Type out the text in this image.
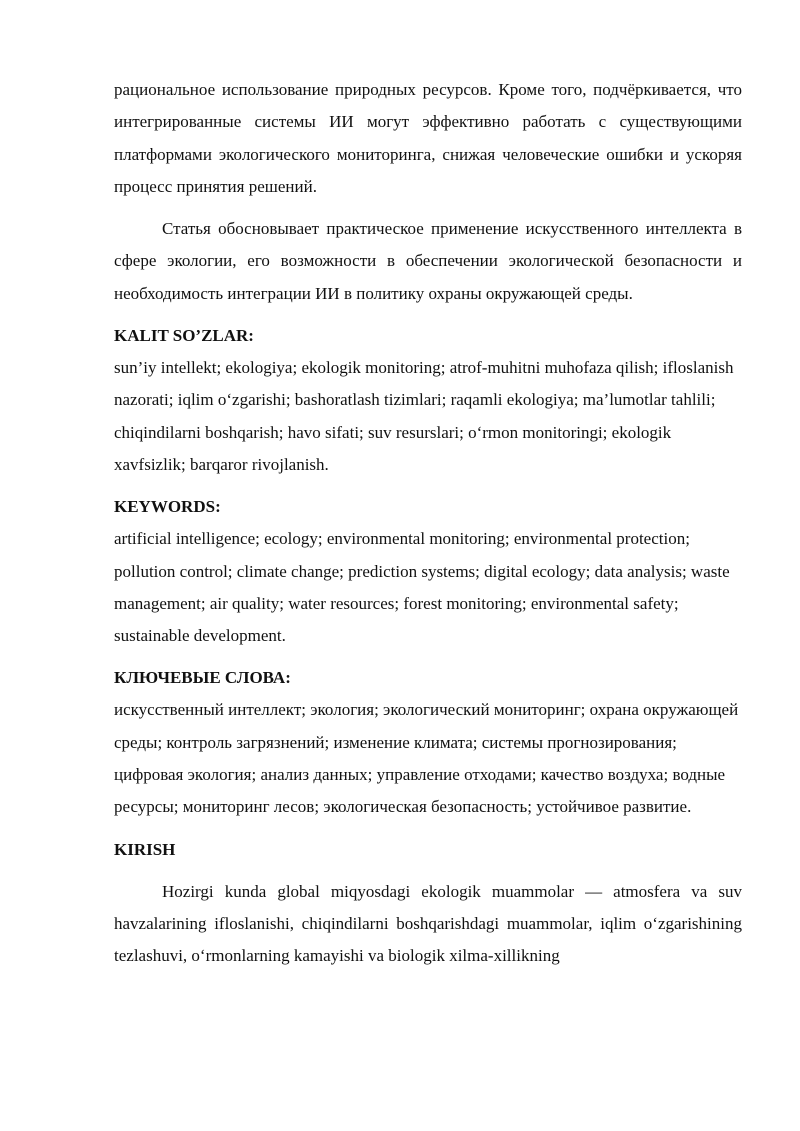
рациональное использование природных ресурсов. Кроме того, подчёркивается, что интегрированные системы ИИ могут эффективно работать с существующими платформами экологического мониторинга, снижая человеческие ошибки и ускоряя процесс принятия решений.

Статья обосновывает практическое применение искусственного интеллекта в сфере экологии, его возможности в обеспечении экологической безопасности и необходимость интеграции ИИ в политику охраны окружающей среды.

KALIT SO’ZLAR:

sun’iy intellekt; ekologiya; ekologik monitoring; atrof-muhitni muhofaza qilish; ifloslanish nazorati; iqlim o‘zgarishi; bashoratlash tizimlari; raqamli ekologiya; ma’lumotlar tahlili; chiqindilarni boshqarish; havo sifati; suv resurslari; o‘rmon monitoringi; ekologik xavfsizlik; barqaror rivojlanish.

KEYWORDS:

artificial intelligence; ecology; environmental monitoring; environmental protection; pollution control; climate change; prediction systems; digital ecology; data analysis; waste management; air quality; water resources; forest monitoring; environmental safety; sustainable development.

КЛЮЧЕВЫЕ СЛОВА:

искусственный интеллект; экология; экологический мониторинг; охрана окружающей среды; контроль загрязнений; изменение климата; системы прогнозирования; цифровая экология; анализ данных; управление отходами; качество воздуха; водные ресурсы; мониторинг лесов; экологическая безопасность; устойчивое развитие.

KIRISH

Hozirgi kunda global miqyosdagi ekologik muammolar — atmosfera va suv havzalarining ifloslanishi, chiqindilarni boshqarishdagi muammolar, iqlim o‘zgarishining tezlashuvi, o‘rmonlarning kamayishi va biologik xilma-xillikning
